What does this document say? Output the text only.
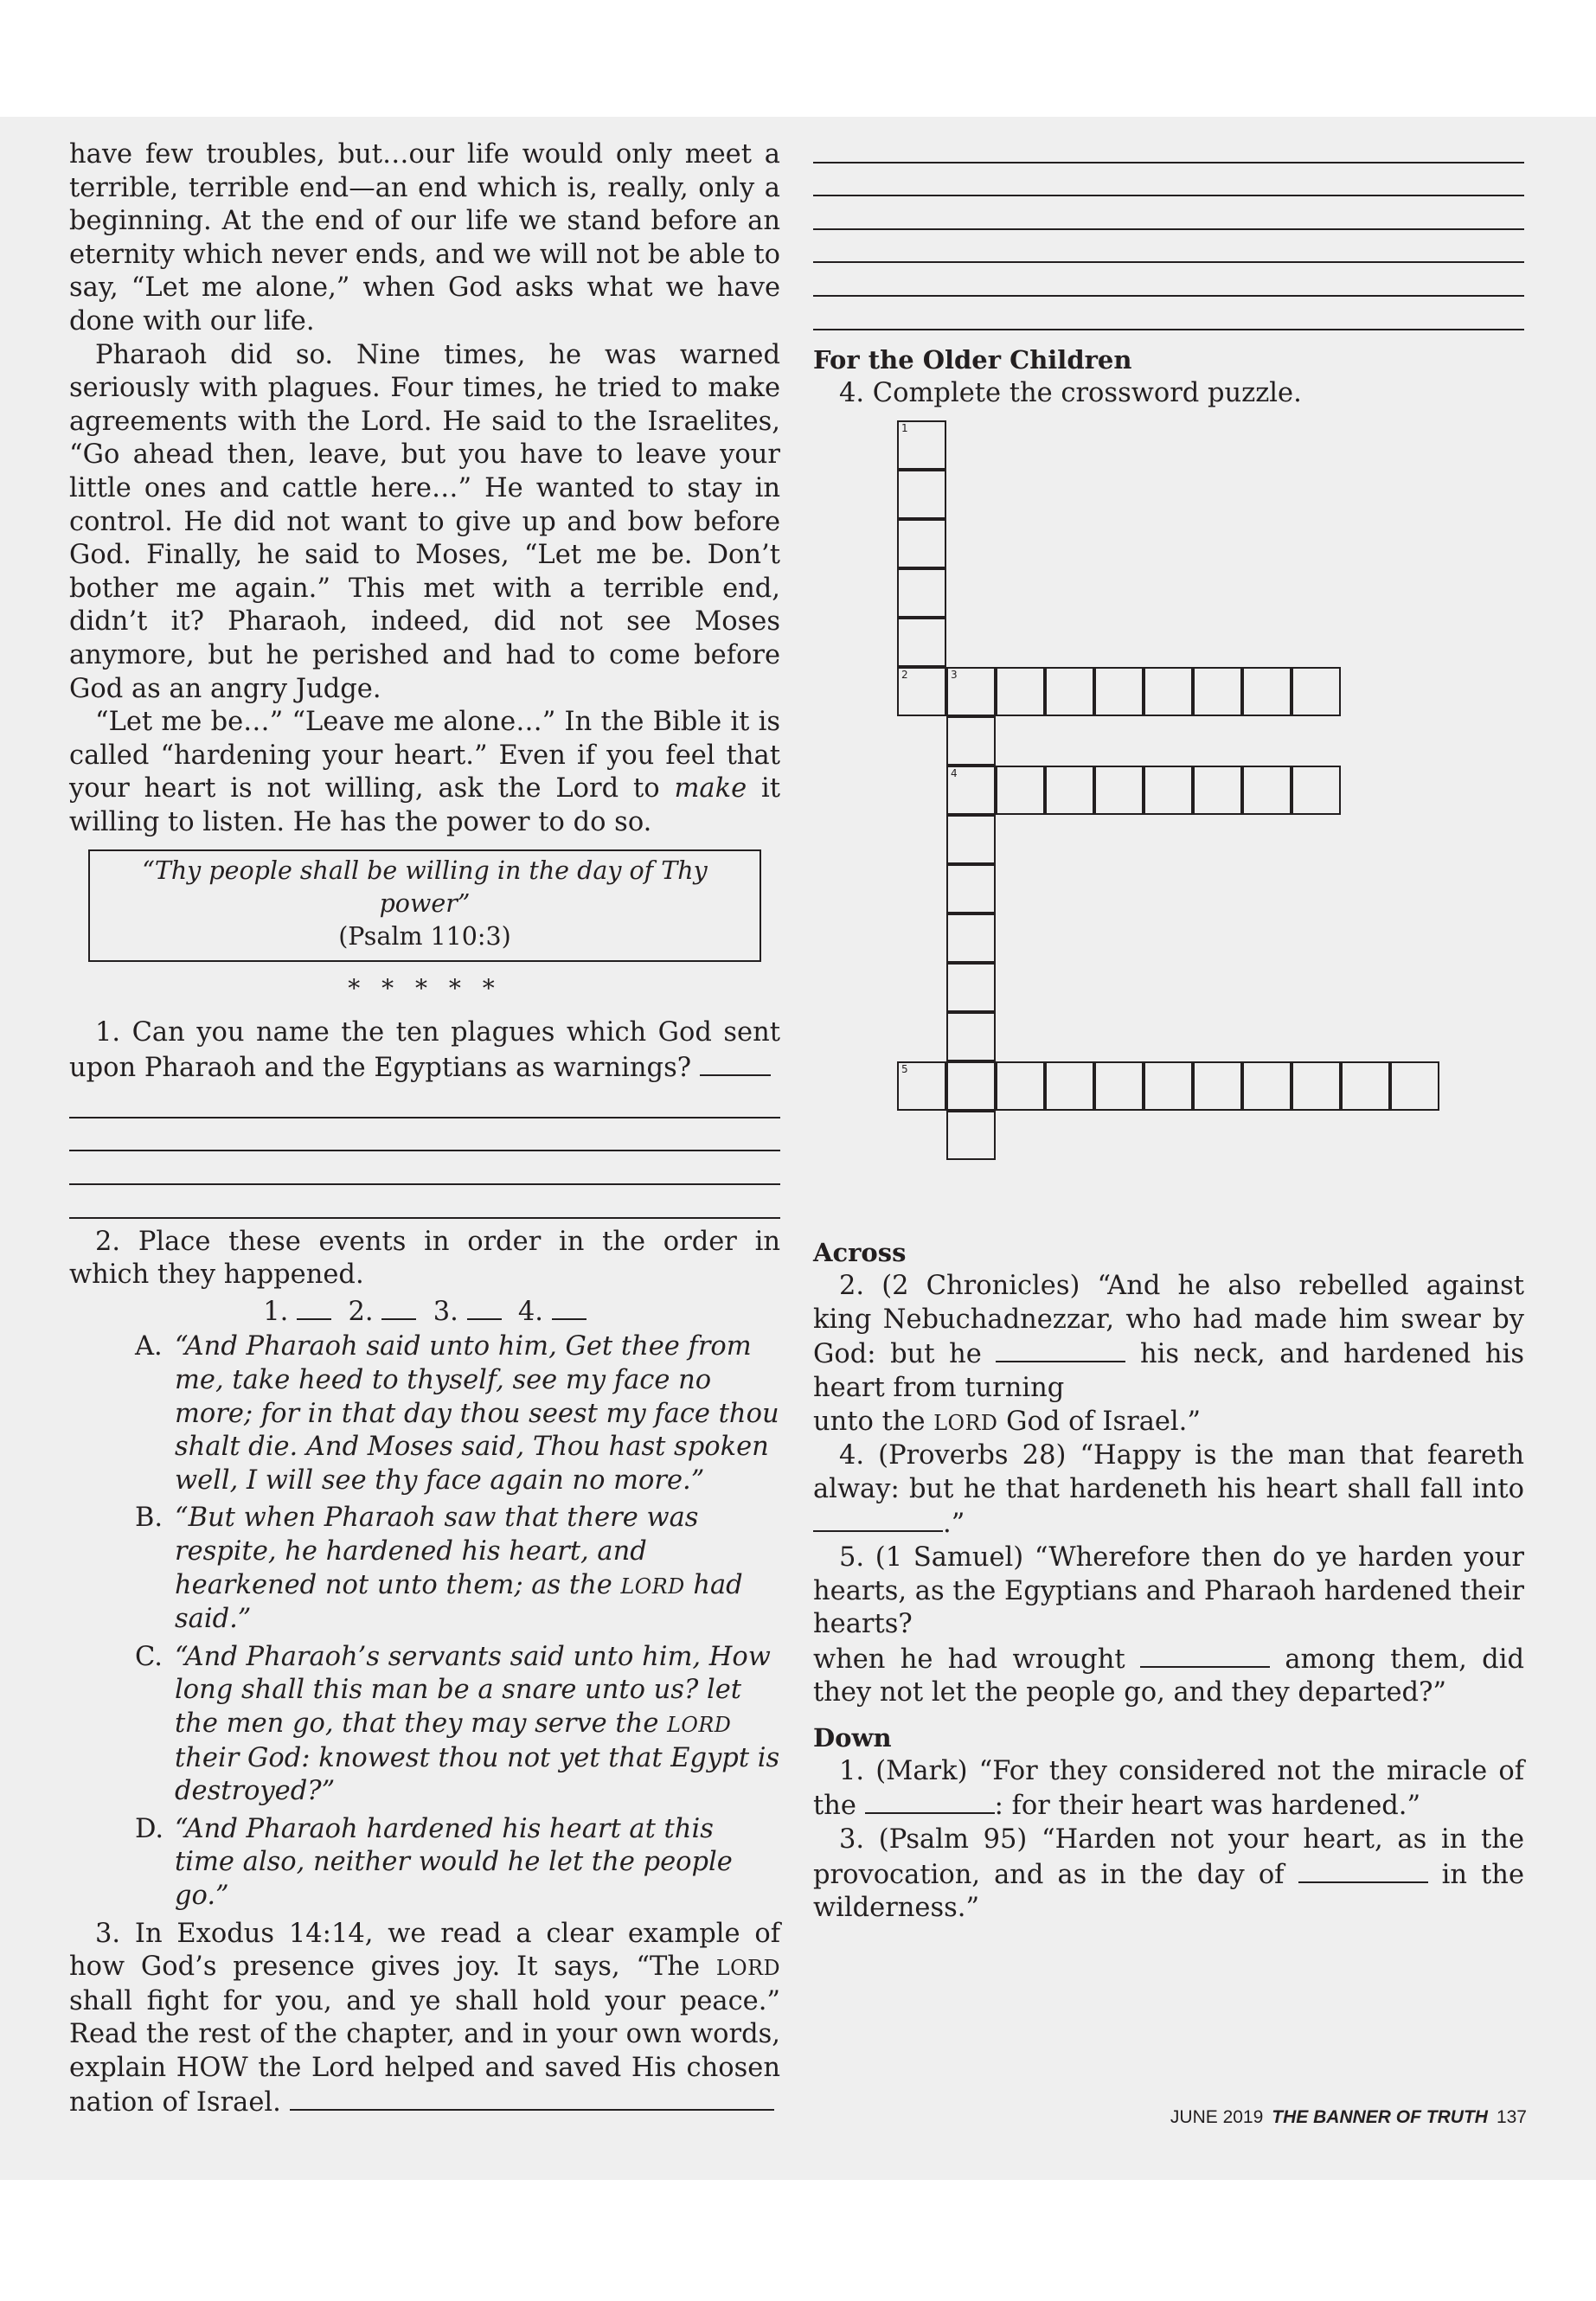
have few troubles, but…our life would only meet a terrible, terrible end—an end which is, really, only a beginning. At the end of our life we stand before an eternity which never ends, and we will not be able to say, “Let me alone,” when God asks what we have done with our life.

Pharaoh did so. Nine times, he was warned seriously with plagues. Four times, he tried to make agreements with the Lord. He said to the Israelites, “Go ahead then, leave, but you have to leave your little ones and cattle here…” He wanted to stay in control. He did not want to give up and bow before God. Finally, he said to Moses, “Let me be. Don’t bother me again.” This met with a terrible end, didn’t it? Pharaoh, indeed, did not see Moses anymore, but he perished and had to come before God as an angry Judge.

“Let me be…” “Leave me alone…” In the Bible it is called “hardening your heart.” Even if you feel that your heart is not willing, ask the Lord to make it willing to listen. He has the power to do so.

“Thy people shall be willing in the day of Thy power”
(Psalm 110:3)
* * * * *

1. Can you name the ten plagues which God sent upon Pharaoh and the Egyptians as warnings?

2. Place these events in order in the order in which they happened.

1. 2. 3. 4.

A. “And Pharaoh said unto him, Get thee from me, take heed to thyself, see my face no more; for in that day thou seest my face thou shalt die. And Moses said, Thou hast spoken well, I will see thy face again no more.”
B. “But when Pharaoh saw that there was respite, he hardened his heart, and hearkened not unto them; as the LORD had said.”
C. “And Pharaoh’s servants said unto him, How long shall this man be a snare unto us? let the men go, that they may serve the LORD their God: knowest thou not yet that Egypt is destroyed?”
D. “And Pharaoh hardened his heart at this time also, neither would he let the people go.”

3. In Exodus 14:14, we read a clear example of how God’s presence gives joy. It says, “The LORD shall fight for you, and ye shall hold your peace.” Read the rest of the chapter, and in your own words, explain HOW the Lord helped and saved His chosen nation of Israel.

For the Older Children

4. Complete the crossword puzzle.

1
2	3
4
5
Across

2. (2 Chronicles) “And he also rebelled against king Nebuchadnezzar, who had made him swear by God: but he	his neck, and hardened his heart from turning

unto the LORD God of Israel.”

4. (Proverbs 28) “Happy is the man that feareth alway: but he that hardeneth his heart shall fall into .”

5. (1 Samuel) “Wherefore then do ye harden your hearts, as the Egyptians and Pharaoh hardened their hearts?

when he had wrought	among them, did they not let the people go, and they departed?”

Down

1. (Mark) “For they considered not the miracle of the	: for their heart was hardened.”

3. (Psalm 95) “Harden not your heart, as in the provocation, and as in the day of	in the wilderness.”

JUNE 2019 THE BANNER OF TRUTH 137
